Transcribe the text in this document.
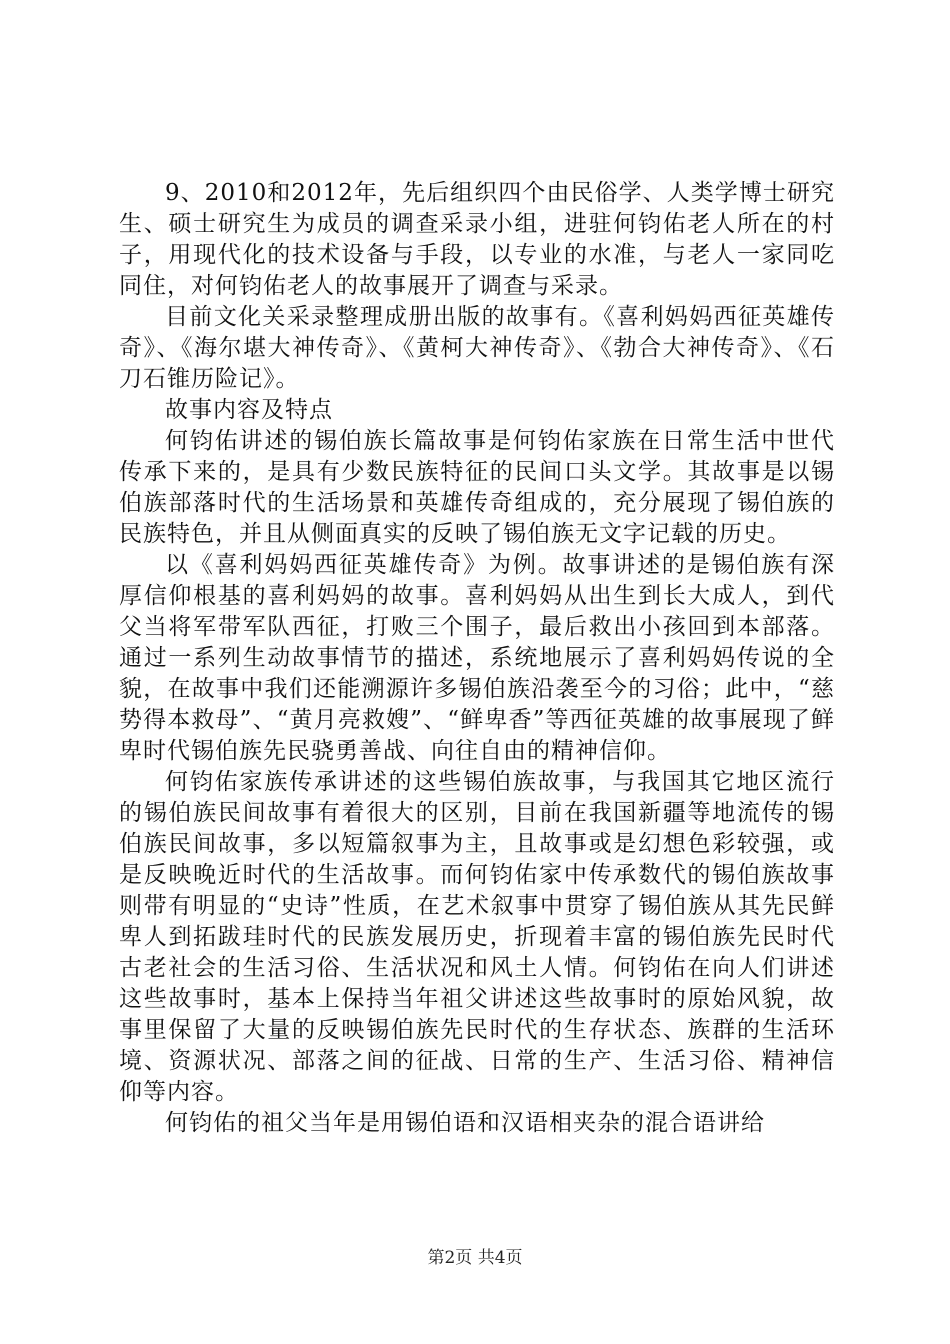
9、2010和2012年，先后组织四个由民俗学、人类学博士研究生、硕士研究生为成员的调查采录小组，进驻何钧佑老人所在的村子，用现代化的技术设备与手段，以专业的水准，与老人一家同吃同住，对何钧佑老人的故事展开了调查与采录。

目前文化关采录整理成册出版的故事有。《喜利妈妈西征英雄传奇》、《海尔堪大神传奇》、《黄柯大神传奇》、《勃合大神传奇》、《石刀石锥历险记》。

故事内容及特点

何钧佑讲述的锡伯族长篇故事是何钧佑家族在日常生活中世代传承下来的，是具有少数民族特征的民间口头文学。其故事是以锡伯族部落时代的生活场景和英雄传奇组成的，充分展现了锡伯族的民族特色，并且从侧面真实的反映了锡伯族无文字记载的历史。

以《喜利妈妈西征英雄传奇》为例。故事讲述的是锡伯族有深厚信仰根基的喜利妈妈的故事。喜利妈妈从出生到长大成人，到代父当将军带军队西征，打败三个围子，最后救出小孩回到本部落。通过一系列生动故事情节的描述，系统地展示了喜利妈妈传说的全貌，在故事中我们还能溯源许多锡伯族沿袭至今的习俗；此中，“慈势得本救母”、“黄月亮救嫂”、“鲜卑香”等西征英雄的故事展现了鲜卑时代锡伯族先民骁勇善战、向往自由的精神信仰。

何钧佑家族传承讲述的这些锡伯族故事，与我国其它地区流行的锡伯族民间故事有着很大的区别，目前在我国新疆等地流传的锡伯族民间故事，多以短篇叙事为主，且故事或是幻想色彩较强，或是反映晚近时代的生活故事。而何钧佑家中传承数代的锡伯族故事则带有明显的“史诗”性质，在艺术叙事中贯穿了锡伯族从其先民鲜卑人到拓跋珪时代的民族发展历史，折现着丰富的锡伯族先民时代古老社会的生活习俗、生活状况和风土人情。何钧佑在向人们讲述这些故事时，基本上保持当年祖父讲述这些故事时的原始风貌，故事里保留了大量的反映锡伯族先民时代的生存状态、族群的生活环境、资源状况、部落之间的征战、日常的生产、生活习俗、精神信仰等内容。

何钧佑的祖父当年是用锡伯语和汉语相夹杂的混合语讲给

第2页 共4页
